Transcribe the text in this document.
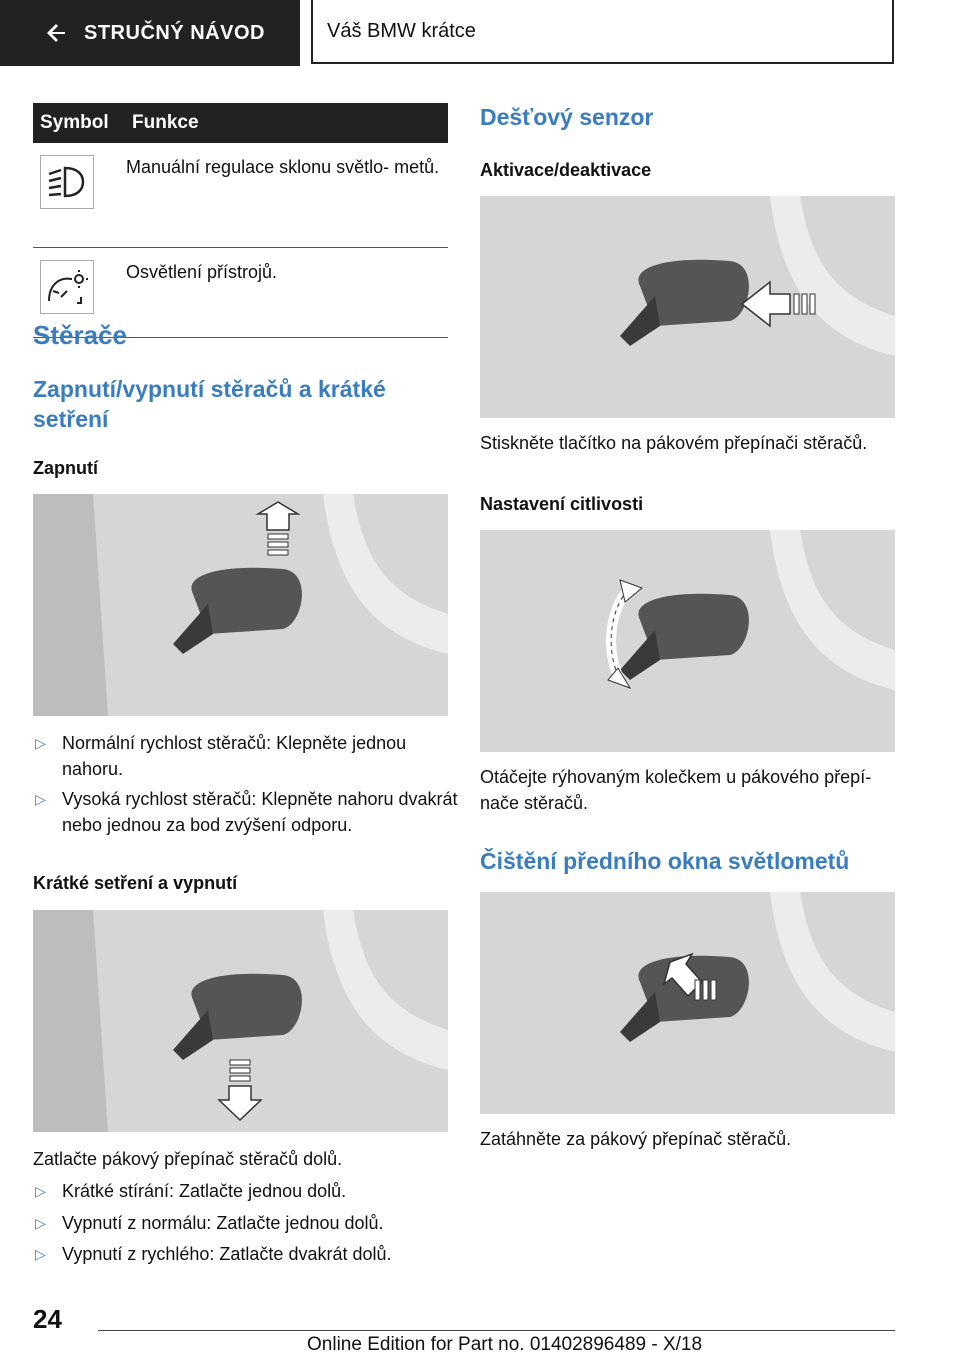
STRUČNÝ NÁVOD	Váš BMW krátce
Symbol	Funkce

	Manuální regulace sklonu světlo- metů.

	Osvětlení přístrojů.
Stěrače
Zapnutí/vypnutí stěračů a krátké setření
Zapnutí
▷ Normální rychlost stěračů: Klepněte jednou nahoru.
▷ Vysoká rychlost stěračů: Klepněte nahoru dvakrát nebo jednou za bod zvýšení odporu.
Krátké setření a vypnutí

Zatlačte pákový přepínač stěračů dolů.

▷ Krátké stírání: Zatlačte jednou dolů.
▷ Vypnutí z normálu: Zatlačte jednou dolů.
▷ Vypnutí z rychlého: Zatlačte dvakrát dolů.
Dešťový senzor
Aktivace/deaktivace

Stiskněte tlačítko na pákovém přepínači stěračů.

Nastavení citlivosti

Otáčejte rýhovaným kolečkem u pákového přepínače stěračů.

Čištění předního okna světlometů

Zatáhněte za pákový přepínač stěračů.

24
Online Edition for Part no. 01402896489 - X/18
